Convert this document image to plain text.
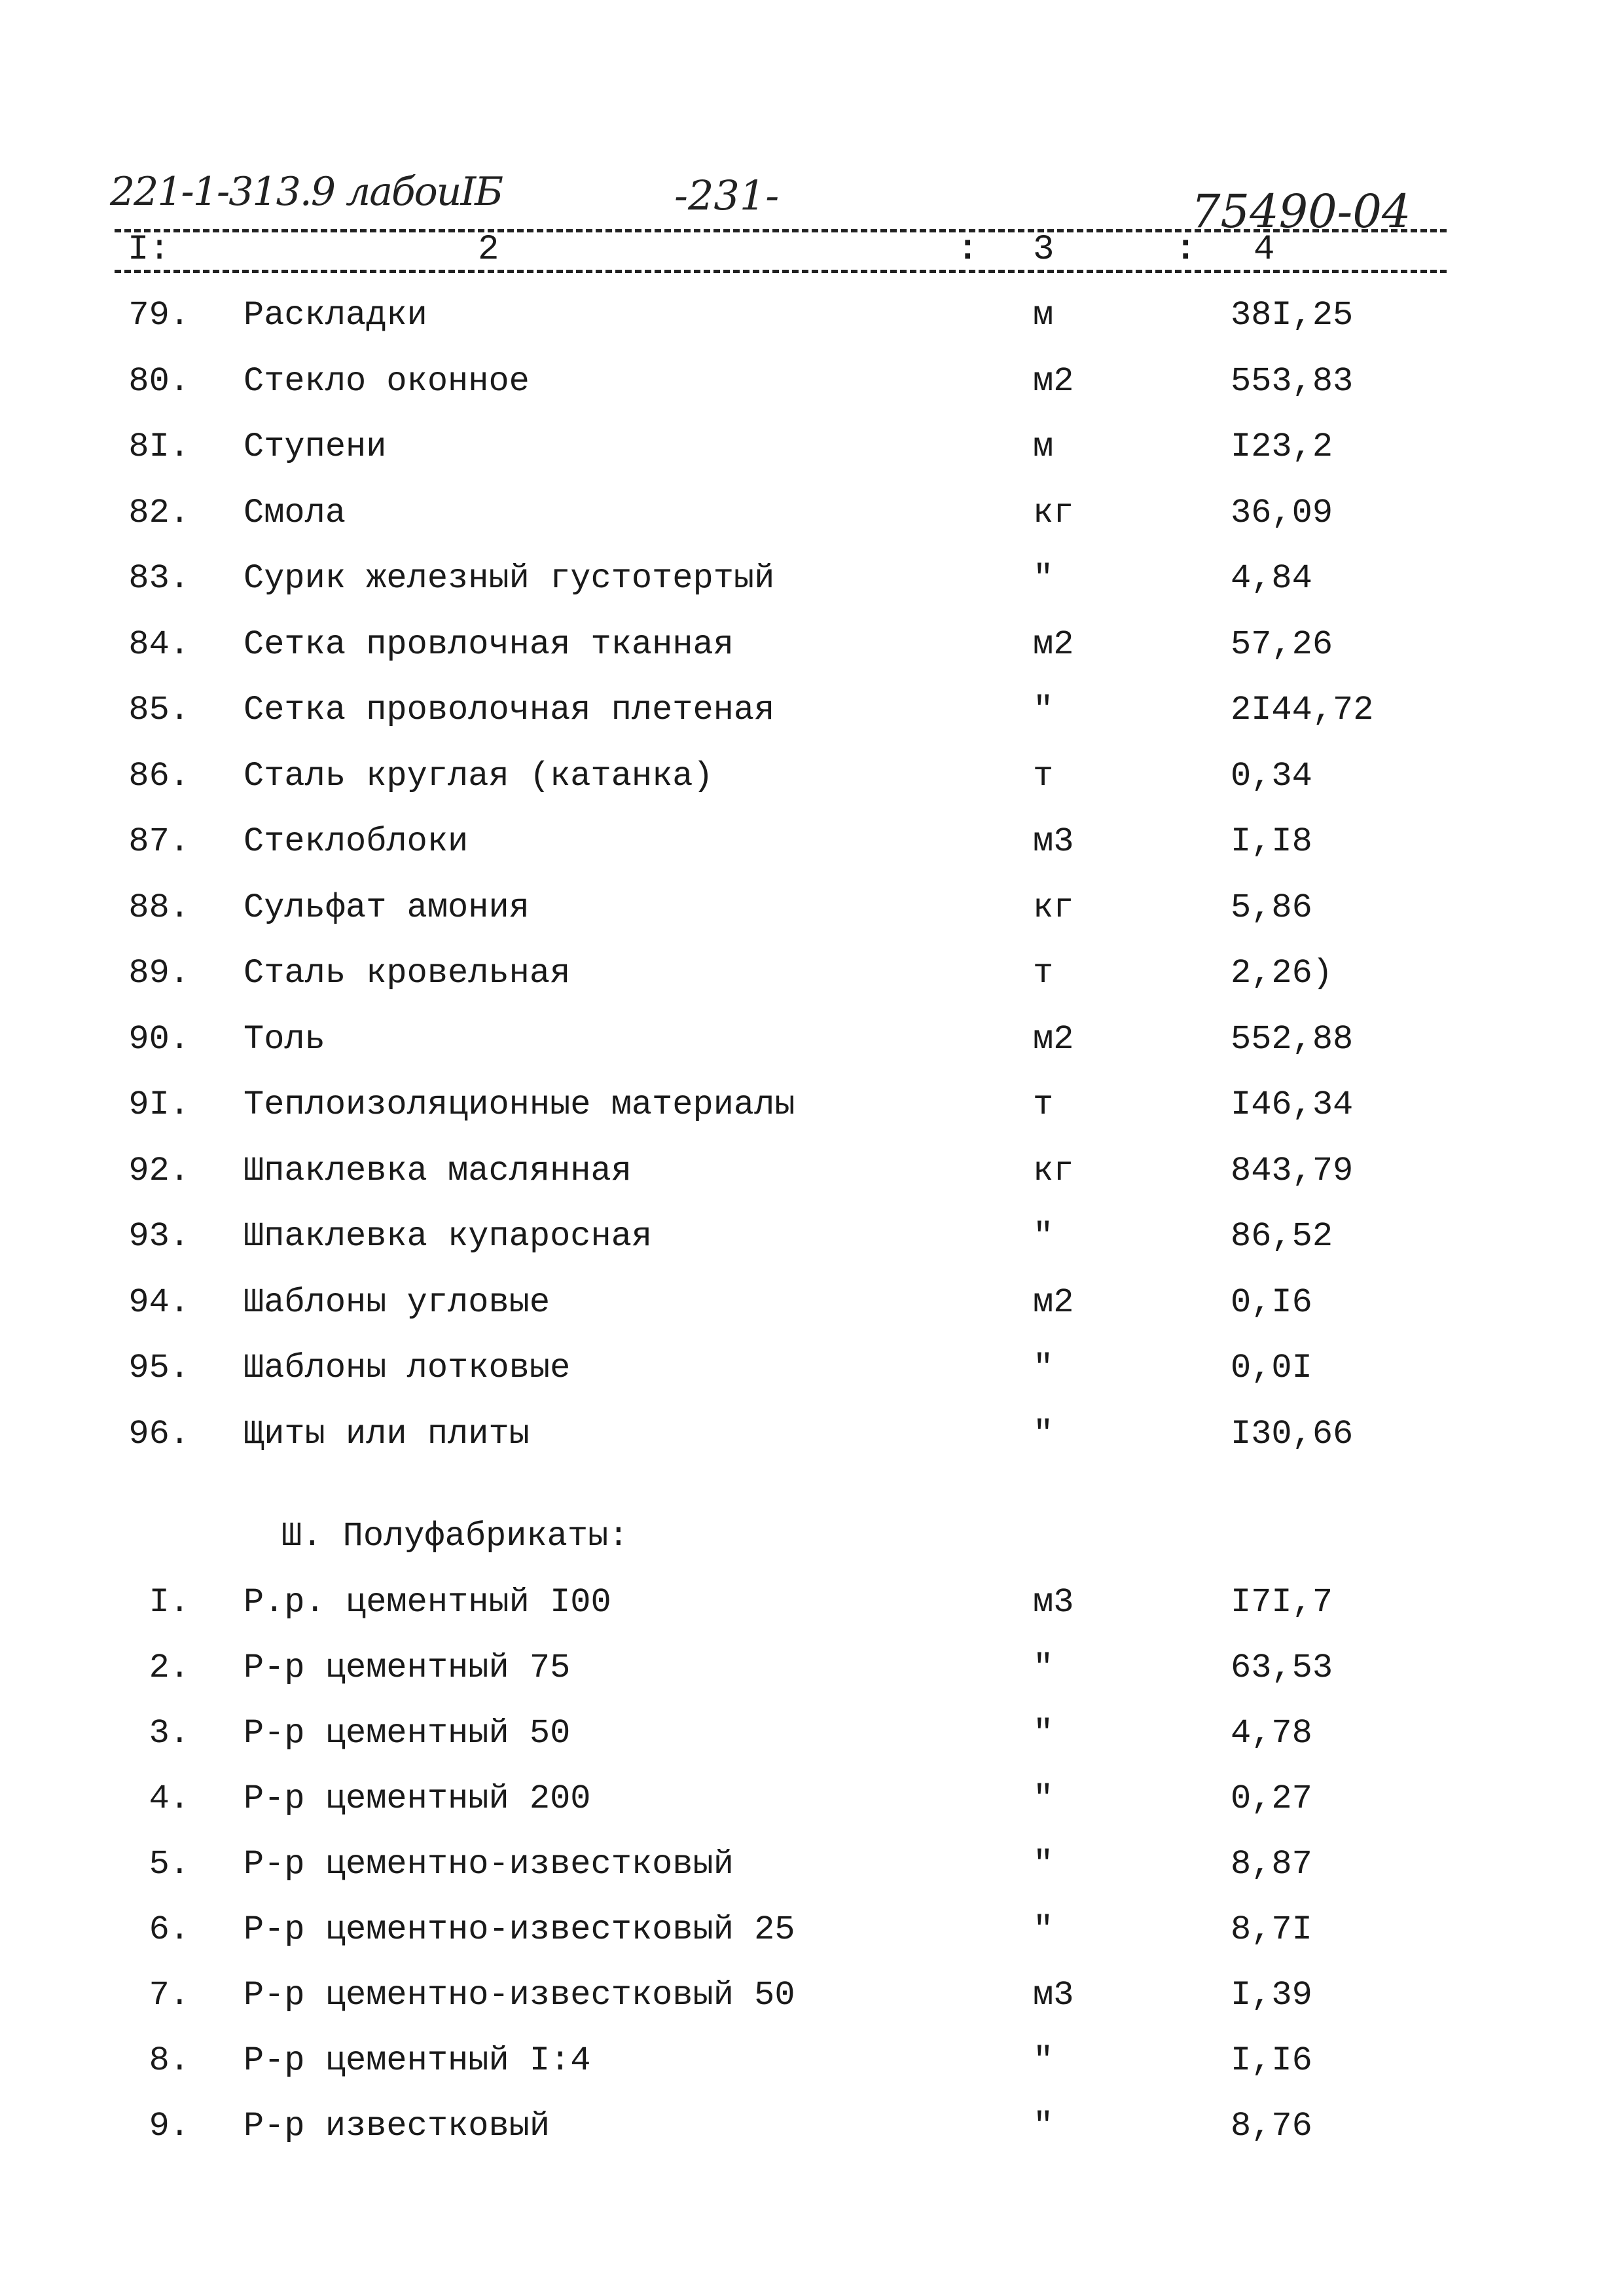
221-1-313.9 лабоиІБ	-231-	75490-04
I:	2	: 3	: 4
79. Раскладки	м	38I,25
80. Стекло оконное	м2	553,83
8I. Ступени	м	I23,2
82. Смола	кг	36,09
83. Сурик железный густотертый	"	4,84
84. Сетка провлочная тканная	м2	57,26
85. Сетка проволочная плетеная	"	2I44,72
86. Сталь круглая (катанка)	т	0,34
87. Стеклоблоки	м3	I,I8
88. Сульфат амония	кг	5,86
89. Сталь кровельная	т	2,26)
90. Толь	м2	552,88
9I. Теплоизоляционные материалы	т	I46,34
92. Шпаклевка маслянная	кг	843,79
93. Шпаклевка купаросная	"	86,52
94. Шаблоны угловые	м2	0,I6
95. Шаблоны лотковые	"	0,0I
96. Щиты или плиты	"	I30,66
Ш. Полуфабрикаты:
I. Р.р. цементный I00	м3	I7I,7
2. Р-р цементный 75	"	63,53
3. Р-р цементный 50	"	4,78
4. Р-р цементный 200	"	0,27
5. Р-р цементно-известковый	"	8,87
6. Р-р цементно-известковый 25	"	8,7I
7. Р-р цементно-известковый 50	м3	I,39
8. Р-р цементный I:4	"	I,I6
9. Р-р известковый	"	8,76
